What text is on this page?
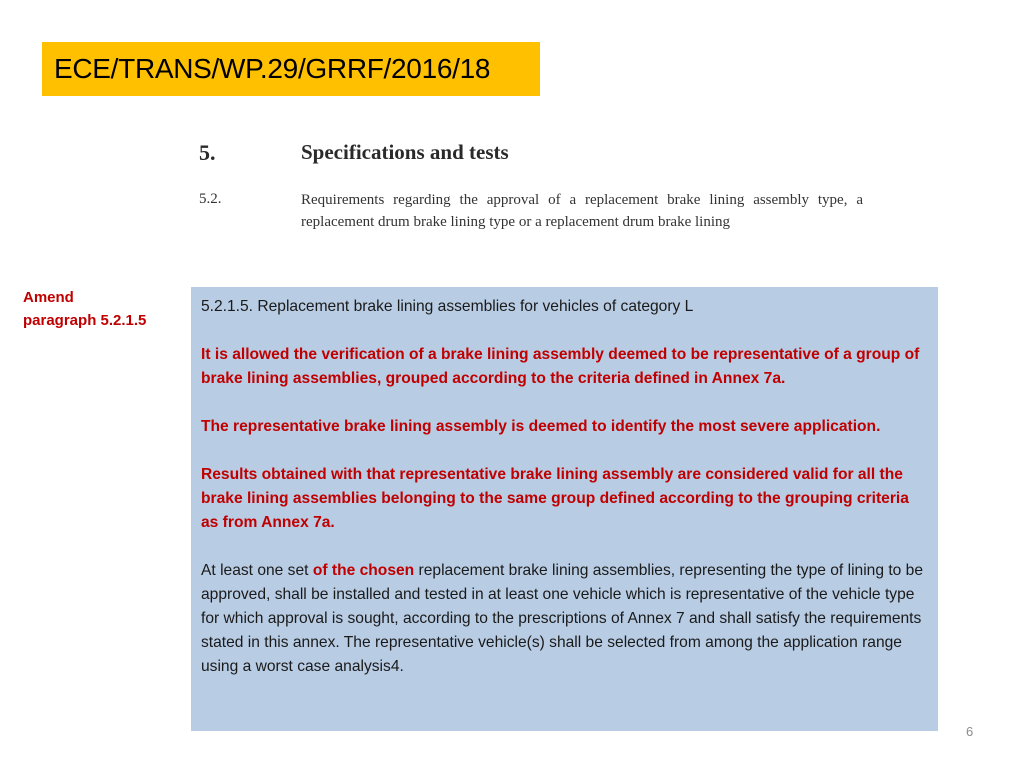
ECE/TRANS/WP.29/GRRF/2016/18
5.	Specifications and tests
5.2.	Requirements regarding the approval of a replacement brake lining assembly type, a replacement drum brake lining type or a replacement drum brake lining
Amend
paragraph 5.2.1.5

5.2.1.5. Replacement brake lining assemblies for vehicles of category L

It is allowed the verification of a brake lining assembly deemed to be representative of a group of brake lining assemblies, grouped according to the criteria defined in Annex 7a.

The representative brake lining assembly is deemed to identify the most severe application.

Results obtained with that representative brake lining assembly are considered valid for all the brake lining assemblies belonging to the same group defined according to the grouping criteria as from Annex 7a.

At least one set of the chosen replacement brake lining assemblies, representing the type of lining to be approved, shall be installed and tested in at least one vehicle which is representative of the vehicle type for which approval is sought, according to the prescriptions of Annex 7 and shall satisfy the requirements stated in this annex. The representative vehicle(s) shall be selected from among the application range using a worst case analysis4.

6
